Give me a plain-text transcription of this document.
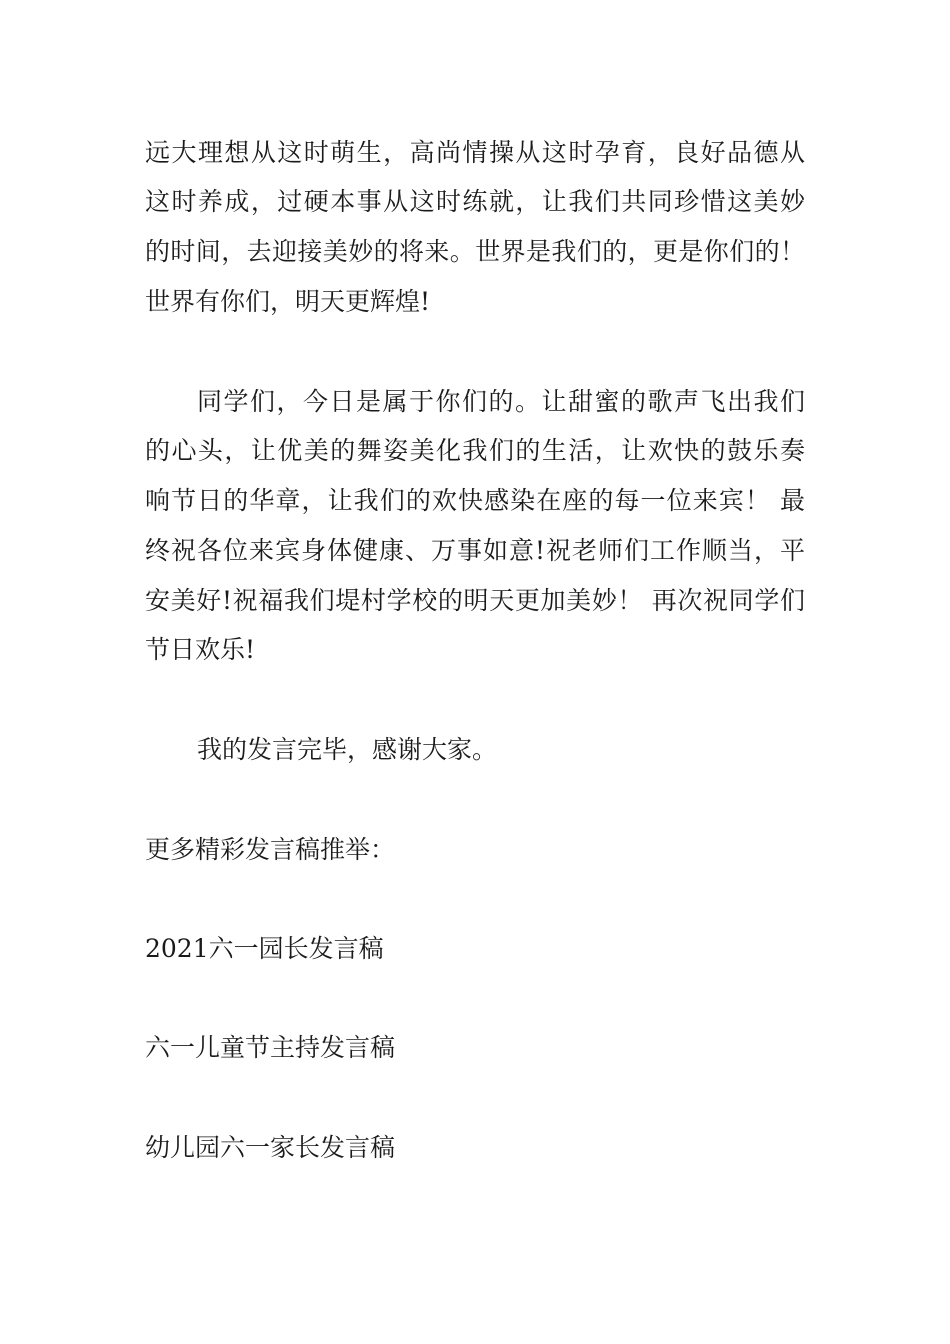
远大理想从这时萌生，高尚情操从这时孕育，良好品德从

这时养成，过硬本事从这时练就，让我们共同珍惜这美妙

的时间，去迎接美妙的将来。世界是我们的，更是你们的！

世界有你们，明天更辉煌!

同学们，今日是属于你们的。让甜蜜的歌声飞出我们

的心头，让优美的舞姿美化我们的生活，让欢快的鼓乐奏

响节日的华章，让我们的欢快感染在座的每一位来宾！ 最

终祝各位来宾身体健康、万事如意!祝老师们工作顺当，平

安美好!祝福我们堤村学校的明天更加美妙！ 再次祝同学们

节日欢乐!

我的发言完毕，感谢大家。

更多精彩发言稿推举：

2021六一园长发言稿

六一儿童节主持发言稿

幼儿园六一家长发言稿
